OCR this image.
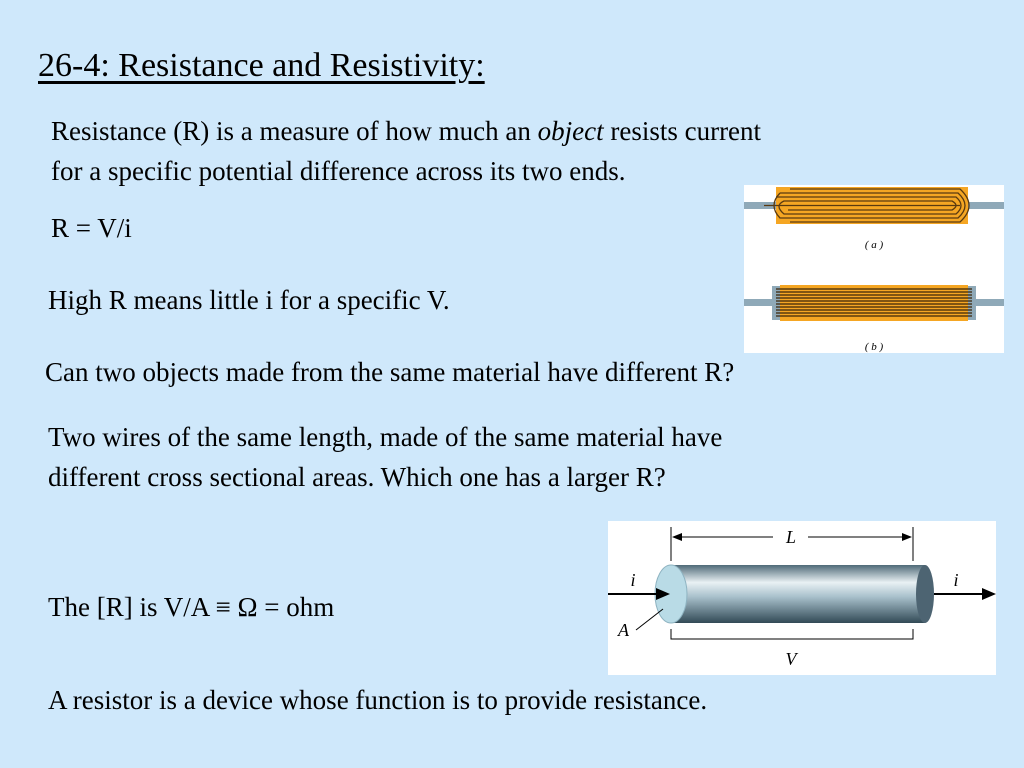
26-4: Resistance and Resistivity:
Resistance (R) is a measure of how much an object resists current
for a specific potential difference across its two ends.
R = V/i
High R means little i for a specific V.
Can two objects made from the same material have different R?
Two wires of the same length, made of the same material have
different cross sectional areas. Which one has a larger R?
The [R] is V/A ≡ Ω = ohm
A resistor is a device whose function is to provide resistance.
( a )
( b )
L
i	i
A
V
